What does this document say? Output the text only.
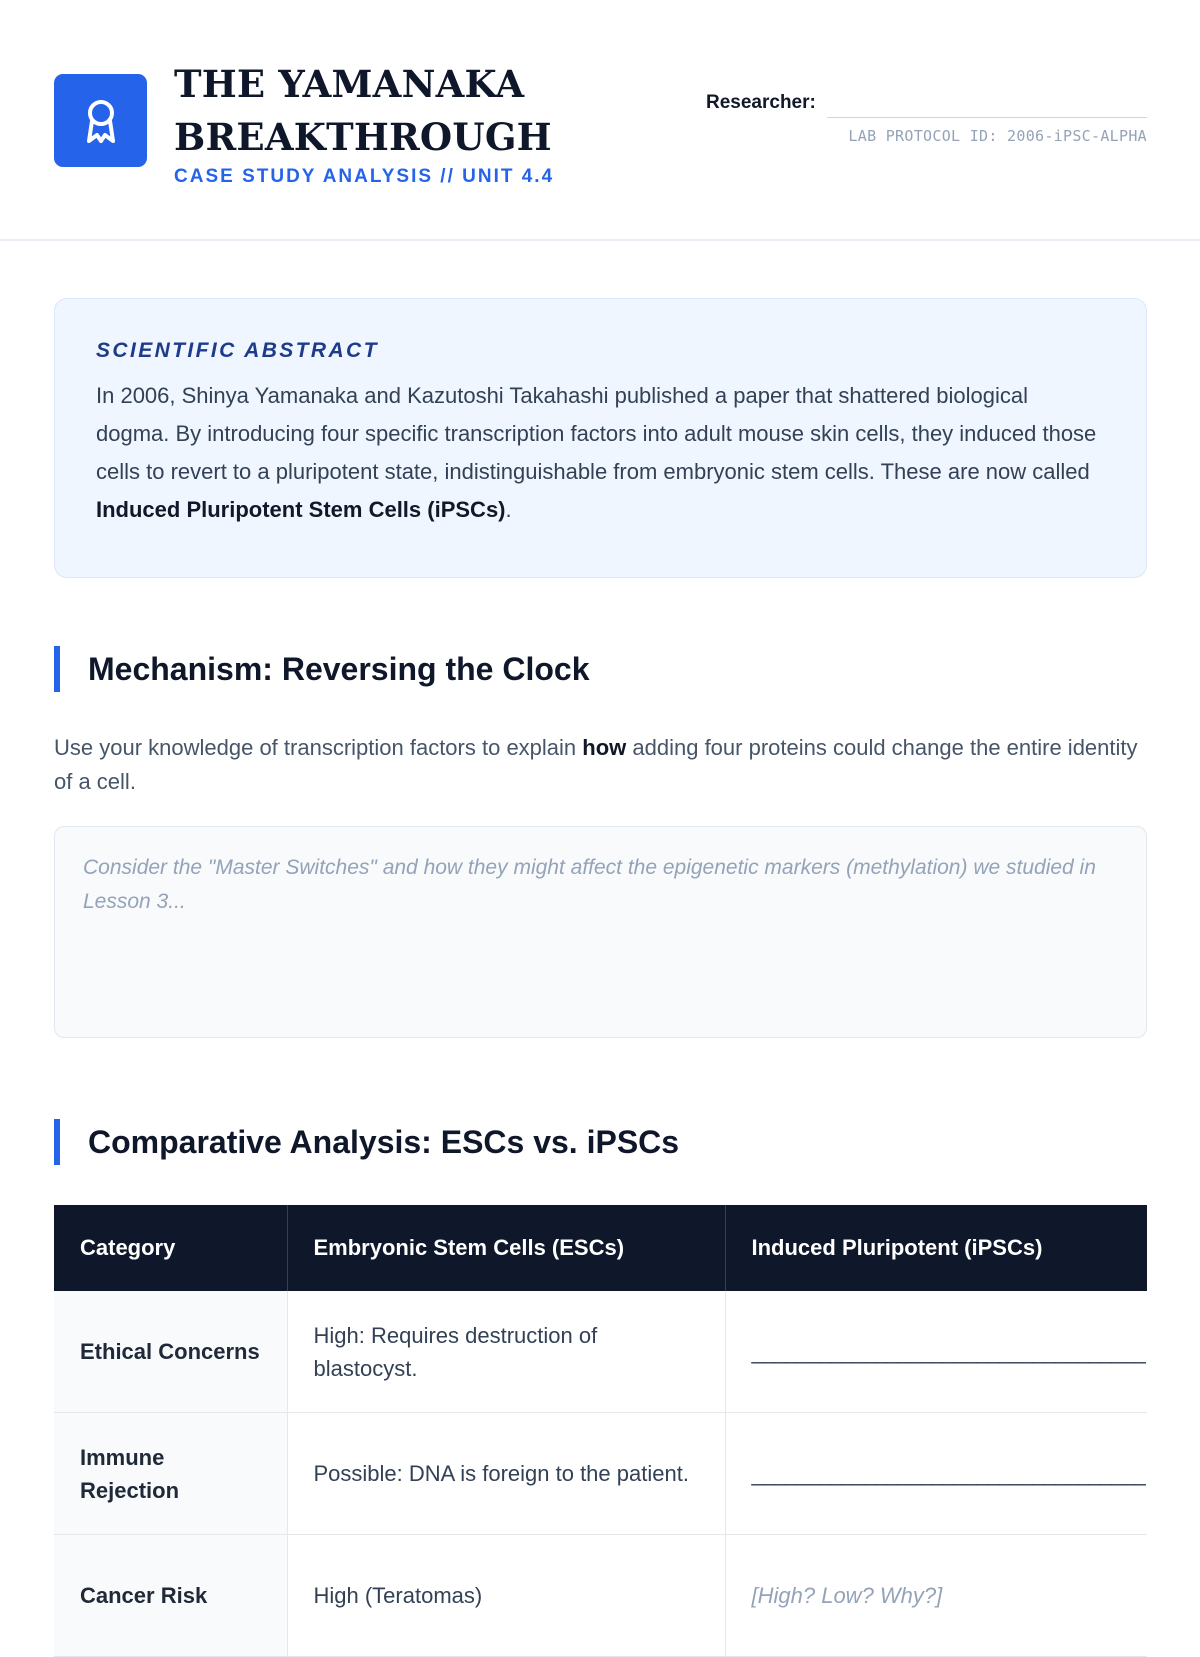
THE YAMANAKA
BREAKTHROUGH
CASE STUDY ANALYSIS // UNIT 4.4
Researcher:
LAB PROTOCOL ID: 2006-iPSC-ALPHA
SCIENTIFIC ABSTRACT
In 2006, Shinya Yamanaka and Kazutoshi Takahashi published a paper that shattered biological dogma. By introducing four specific transcription factors into adult mouse skin cells, they induced those cells to revert to a pluripotent state, indistinguishable from embryonic stem cells. These are now called Induced Pluripotent Stem Cells (iPSCs).
Mechanism: Reversing the Clock
Use your knowledge of transcription factors to explain how adding four proteins could change the entire identity of a cell.
Consider the "Master Switches" and how they might affect the epigenetic markers (methylation) we studied in Lesson 3...
Comparative Analysis: ESCs vs. iPSCs
Category	Embryonic Stem Cells (ESCs)	Induced Pluripotent (iPSCs)
Ethical Concerns	High: Requires destruction of blastocyst.	___________________________________
Immune Rejection	Possible: DNA is foreign to the patient.	___________________________________
Cancer Risk	High (Teratomas)	[High? Low? Why?]
